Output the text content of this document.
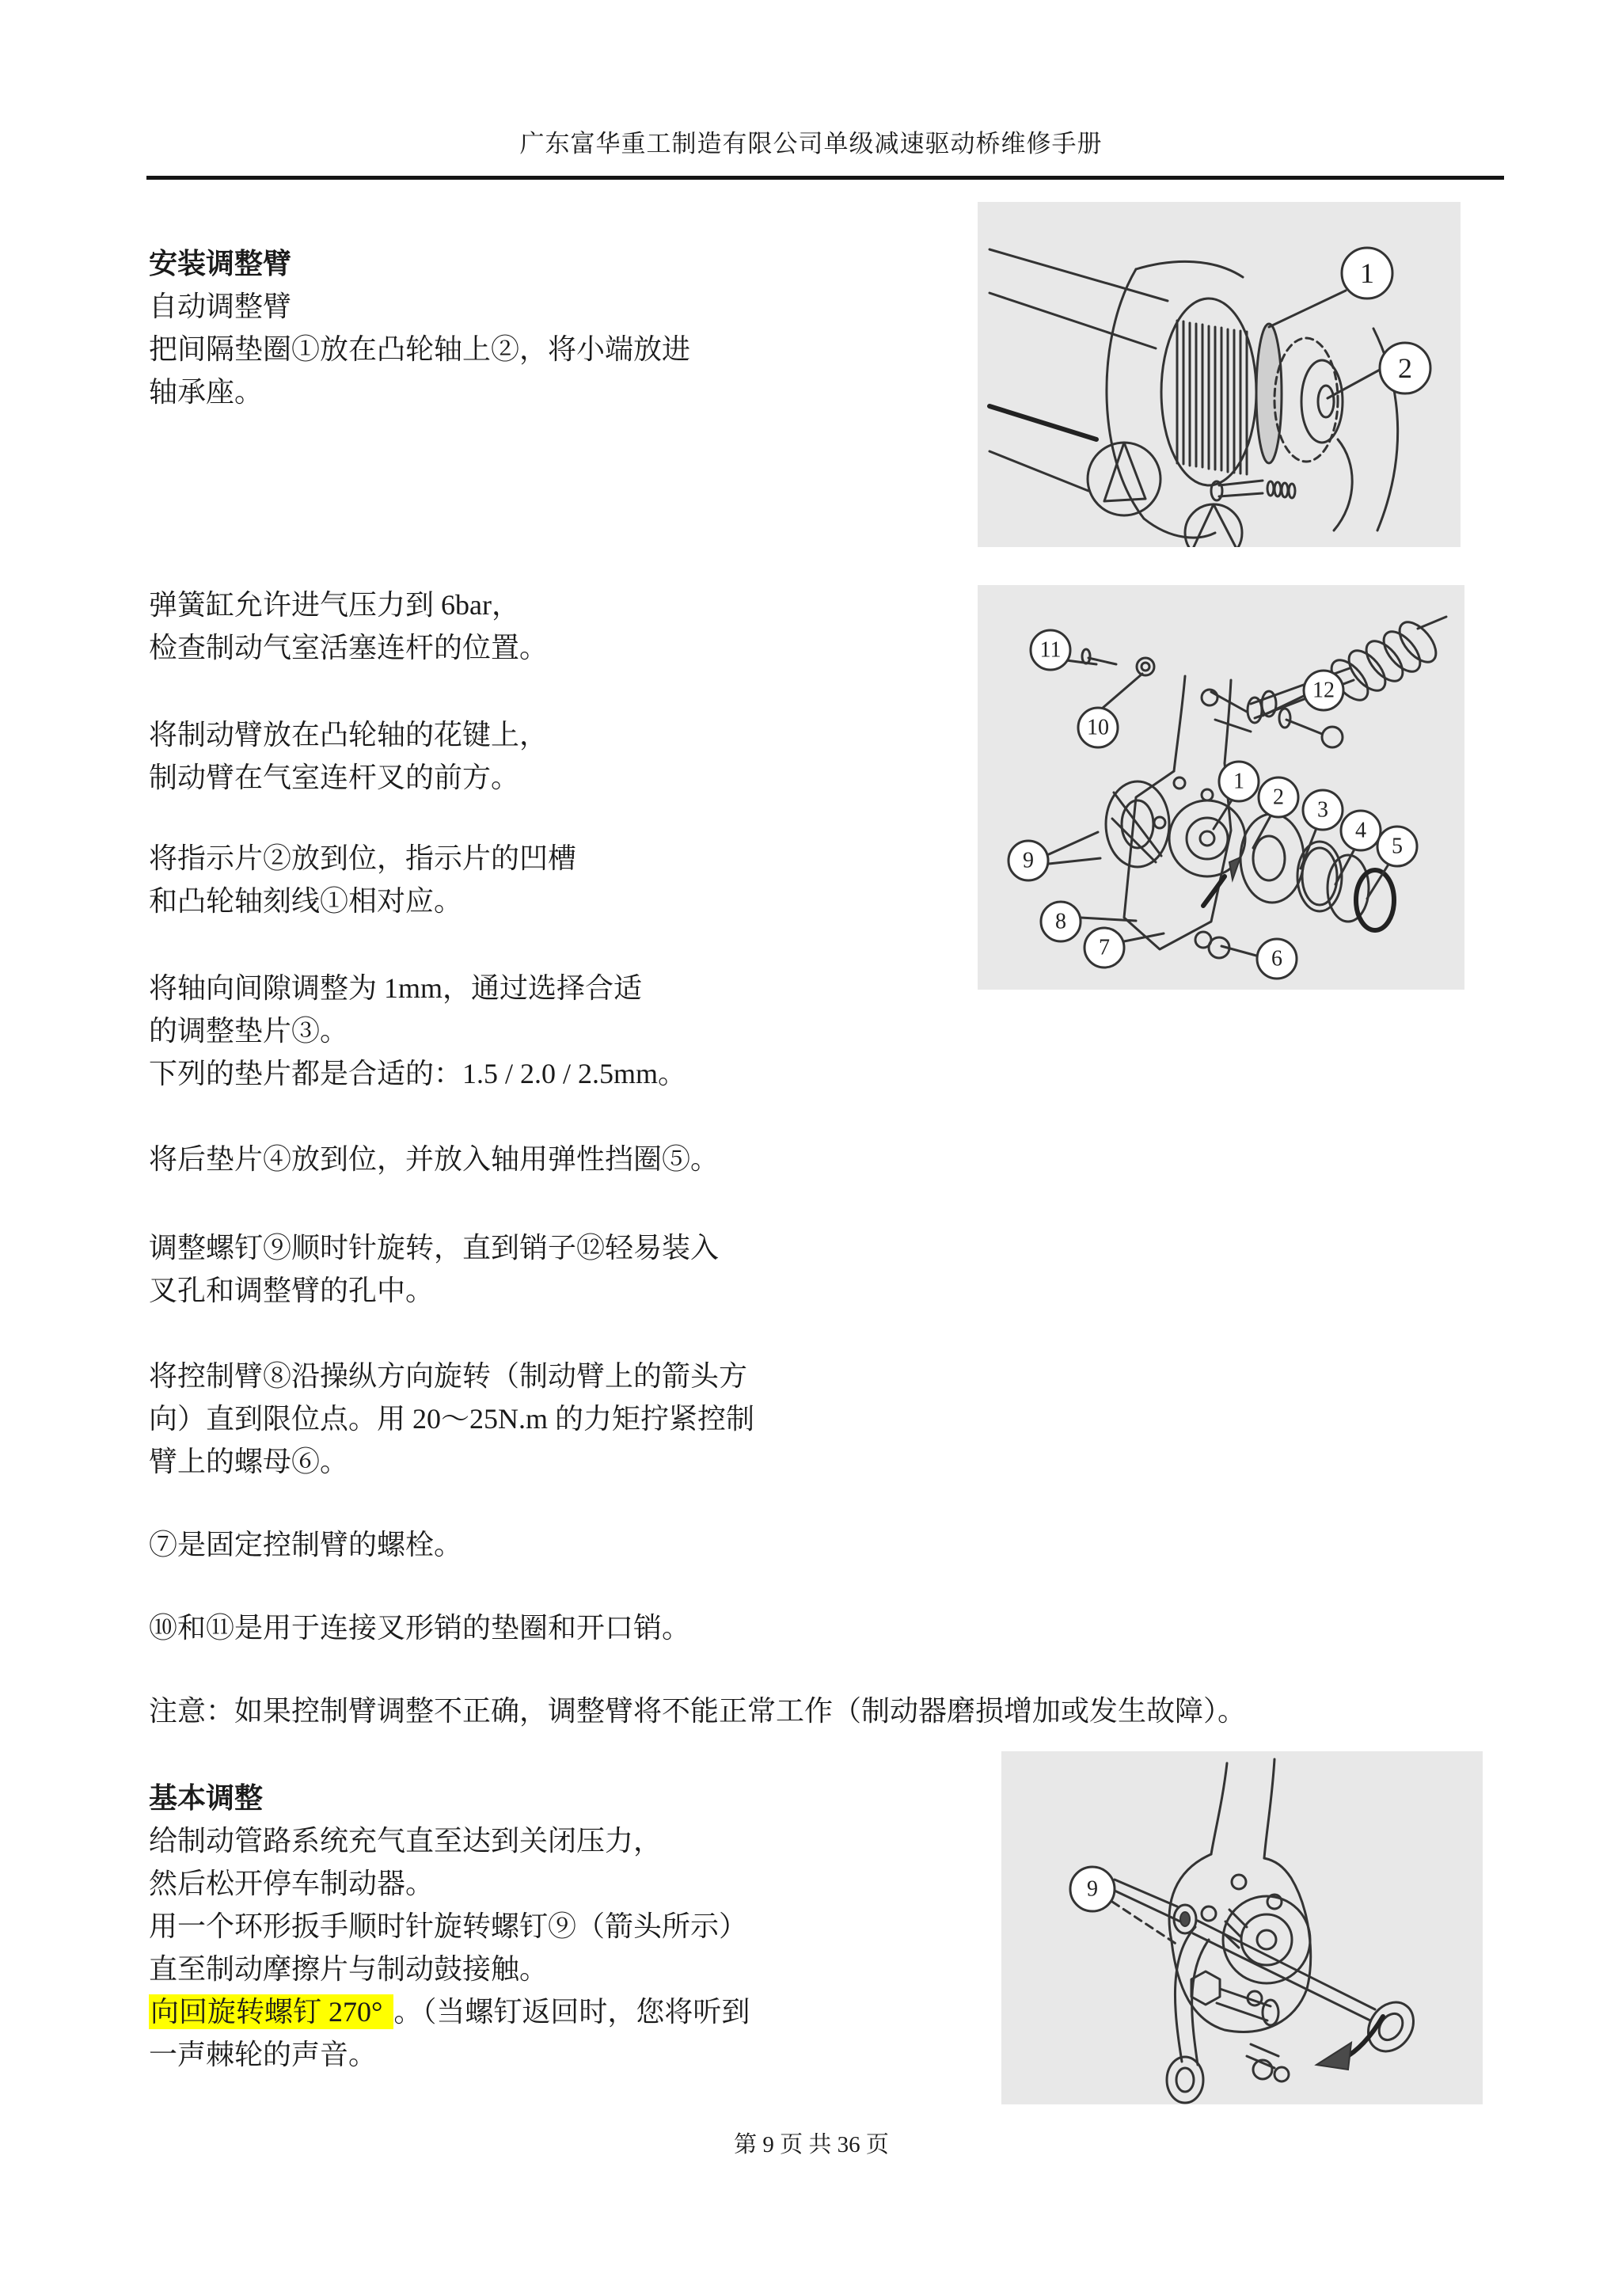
广东富华重工制造有限公司单级减速驱动桥维修手册
安装调整臂
自动调整臂
把间隔垫圈①放在凸轮轴上②，将小端放进
轴承座。
弹簧缸允许进气压力到 6bar，
检查制动气室活塞连杆的位置。
将制动臂放在凸轮轴的花键上，
制动臂在气室连杆叉的前方。
将指示片②放到位，指示片的凹槽
和凸轮轴刻线①相对应。
将轴向间隙调整为 1mm，通过选择合适
的调整垫片③。
下列的垫片都是合适的：1.5 / 2.0 / 2.5mm。
将后垫片④放到位，并放入轴用弹性挡圈⑤。
调整螺钉⑨顺时针旋转，直到销子⑫轻易装入
叉孔和调整臂的孔中。
将控制臂⑧沿操纵方向旋转（制动臂上的箭头方
向）直到限位点。用 20～25N.m 的力矩拧紧控制
臂上的螺母⑥。
⑦是固定控制臂的螺栓。
⑩和⑪是用于连接叉形销的垫圈和开口销。
注意：如果控制臂调整不正确，调整臂将不能正常工作（制动器磨损增加或发生故障）。
基本调整
给制动管路系统充气直至达到关闭压力，
然后松开停车制动器。
用一个环形扳手顺时针旋转螺钉⑨（箭头所示）
直至制动摩擦片与制动鼓接触。
向回旋转螺钉 270° 。（当螺钉返回时，您将听到
一声棘轮的声音。
1
2
11
10
12
1
2
3
4
5
9
8
7	6
9
第 9 页 共 36 页
